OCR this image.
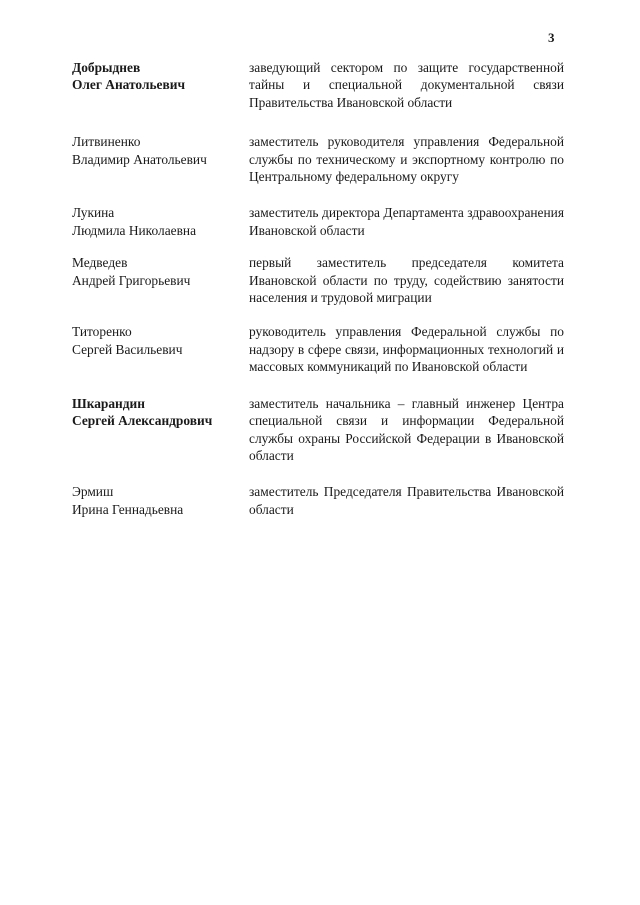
3
Добрыднев
Олег Анатольевич
заведующий сектором по защите государственной тайны и специальной документальной связи Правительства Ивановской области
Литвиненко
Владимир Анатольевич
заместитель руководителя управления Федеральной службы по техническому и экспортному контролю по Центральному федеральному округу
Лукина
Людмила Николаевна
заместитель директора Департамента здравоохранения Ивановской области
Медведев
Андрей Григорьевич
первый заместитель председателя комитета Ивановской области по труду, содействию занятости населения и трудовой миграции
Титоренко
Сергей Васильевич
руководитель управления Федеральной службы по надзору в сфере связи, информационных технологий и массовых коммуникаций по Ивановской области
Шкарандин
Сергей Александрович
заместитель начальника – главный инженер Центра специальной связи и информации Федеральной службы охраны Российской Федерации в Ивановской области
Эрмиш
Ирина Геннадьевна
заместитель Председателя Правительства Ивановской области
